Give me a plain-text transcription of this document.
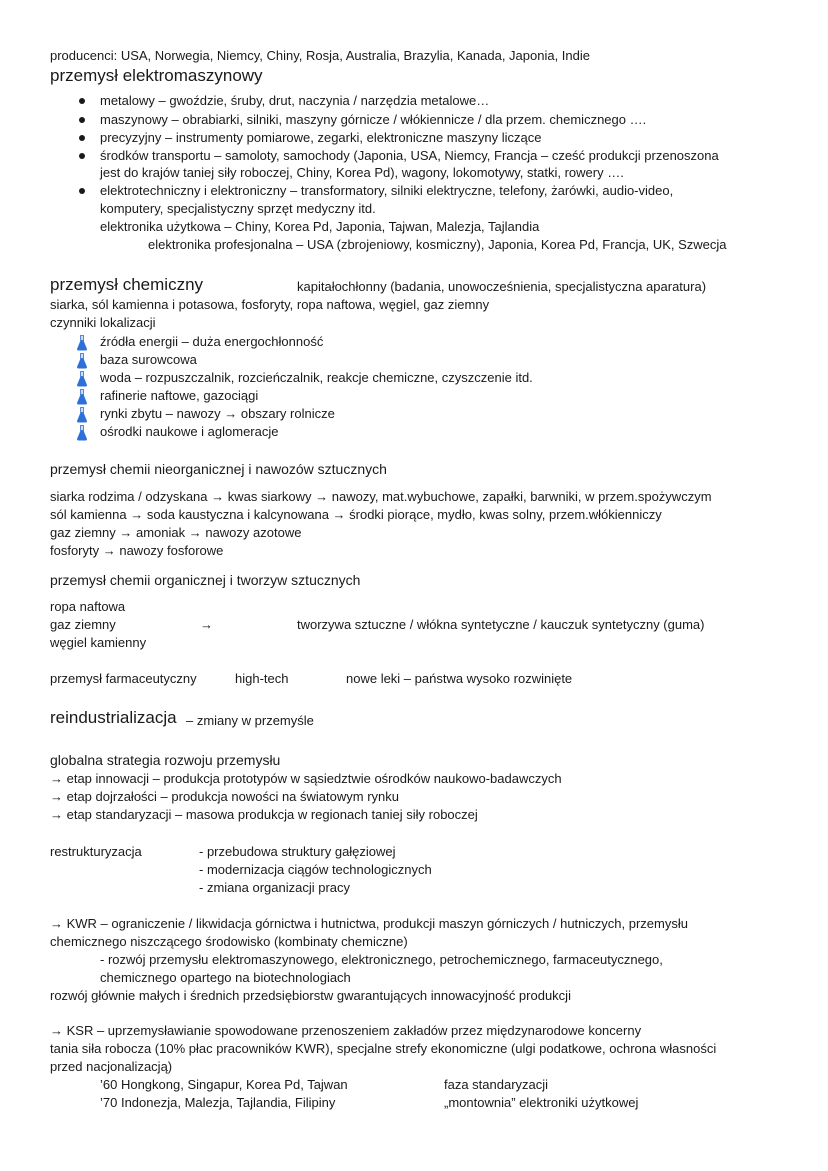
producenci: USA, Norwegia, Niemcy, Chiny, Rosja, Australia, Brazylia, Kanada, Japonia, Indie
przemysł elektromaszynowy
metalowy – gwoździe, śruby, drut, naczynia / narzędzia metalowe…
maszynowy – obrabiarki, silniki, maszyny górnicze / włókiennicze / dla przem. chemicznego ….
precyzyjny – instrumenty pomiarowe, zegarki, elektroniczne maszyny liczące
środków transportu – samoloty, samochody (Japonia, USA, Niemcy, Francja – cześć produkcji przenoszona
jest do krajów taniej siły roboczej, Chiny, Korea Pd), wagony, lokomotywy, statki, rowery ….
elektrotechniczny i elektroniczny – transformatory, silniki elektryczne, telefony, żarówki, audio-video,
komputery, specjalistyczny sprzęt medyczny itd.
elektronika użytkowa – Chiny, Korea Pd, Japonia, Tajwan, Malezja, Tajlandia
elektronika profesjonalna – USA (zbrojeniowy, kosmiczny), Japonia, Korea Pd, Francja, UK, Szwecja
przemysł chemiczny	kapitałochłonny (badania, unowocześnienia, specjalistyczna aparatura)
siarka, sól kamienna i potasowa, fosforyty, ropa naftowa, węgiel, gaz ziemny
czynniki lokalizacji
źródła energii – duża energochłonność
baza surowcowa
woda – rozpuszczalnik, rozcieńczalnik, reakcje chemiczne, czyszczenie itd.
rafinerie naftowe, gazociągi
rynki zbytu – nawozy → obszary rolnicze
ośrodki naukowe i aglomeracje
przemysł chemii nieorganicznej i nawozów sztucznych
siarka rodzima / odzyskana → kwas siarkowy → nawozy, mat.wybuchowe, zapałki, barwniki, w przem.spożywczym
sól kamienna → soda kaustyczna i kalcynowana → środki piorące, mydło, kwas solny, przem.włókienniczy
gaz ziemny → amoniak → nawozy azotowe
fosforyty → nawozy fosforowe
przemysł chemii organicznej i tworzyw sztucznych
ropa naftowa
gaz ziemny	→	tworzywa sztuczne / włókna syntetyczne / kauczuk syntetyczny (guma)
węgiel kamienny
przemysł farmaceutyczny	high-tech	nowe leki – państwa wysoko rozwinięte
reindustrializacja – zmiany w przemyśle
globalna strategia rozwoju przemysłu
→ etap innowacji – produkcja prototypów w sąsiedztwie ośrodków naukowo-badawczych
→ etap dojrzałości – produkcja nowości na światowym rynku
→ etap standaryzacji – masowa produkcja w regionach taniej siły roboczej
restrukturyzacja	- przebudowa struktury gałęziowej
- modernizacja ciągów technologicznych
- zmiana organizacji pracy
→ KWR – ograniczenie / likwidacja górnictwa i hutnictwa, produkcji maszyn górniczych / hutniczych, przemysłu
chemicznego niszczącego środowisko (kombinaty chemiczne)
- rozwój przemysłu elektromaszynowego, elektronicznego, petrochemicznego, farmaceutycznego,
chemicznego opartego na biotechnologiach
rozwój głównie małych i średnich przedsiębiorstw gwarantujących innowacyjność produkcji
→ KSR – uprzemysławianie spowodowane przenoszeniem zakładów przez międzynarodowe koncerny
tania siła robocza (10% płac pracowników KWR), specjalne strefy ekonomiczne (ulgi podatkowe, ochrona własności
przed nacjonalizacją)
’60 Hongkong, Singapur, Korea Pd, Tajwan	faza standaryzacji
’70 Indonezja, Malezja, Tajlandia, Filipiny	„montownia” elektroniki użytkowej
